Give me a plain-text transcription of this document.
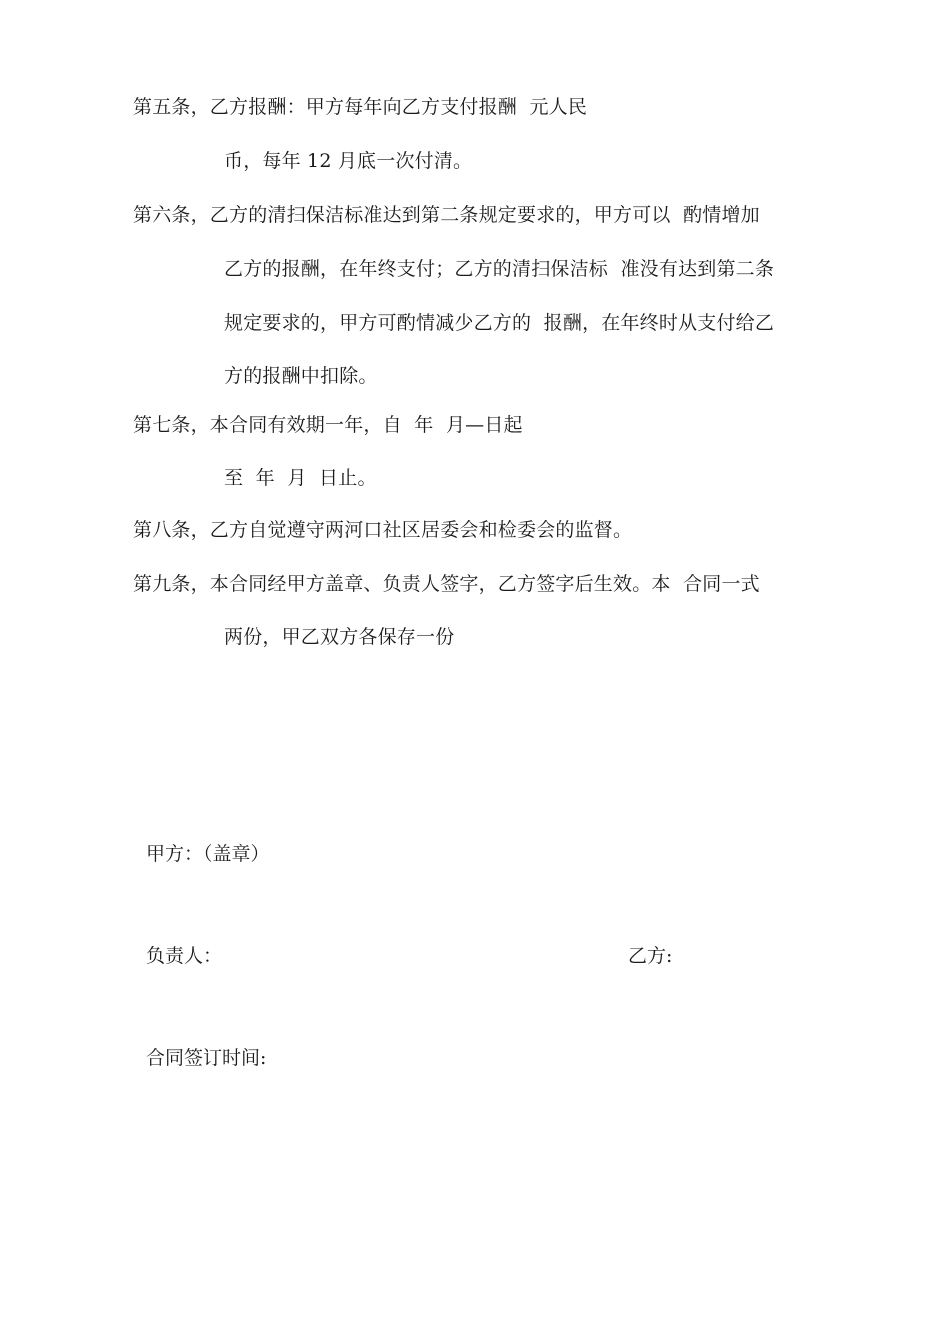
第五条，乙方报酬：甲方每年向乙方支付报酬  元人民
币，每年 12 月底一次付清。
第六条，乙方的清扫保洁标准达到第二条规定要求的，甲方可以  酌情增加
乙方的报酬，在年终支付；乙方的清扫保洁标  准没有达到第二条
规定要求的，甲方可酌情减少乙方的  报酬，在年终时从支付给乙
方的报酬中扣除。
第七条，本合同有效期一年，自  年  月—日起
至  年  月  日止。
第八条，乙方自觉遵守两河口社区居委会和检委会的监督。
第九条，本合同经甲方盖章、负责人签字，乙方签字后生效。本  合同一式
两份，甲乙双方各保存一份
甲方：（盖章）
负责人：	乙方:
合同签订时间:
